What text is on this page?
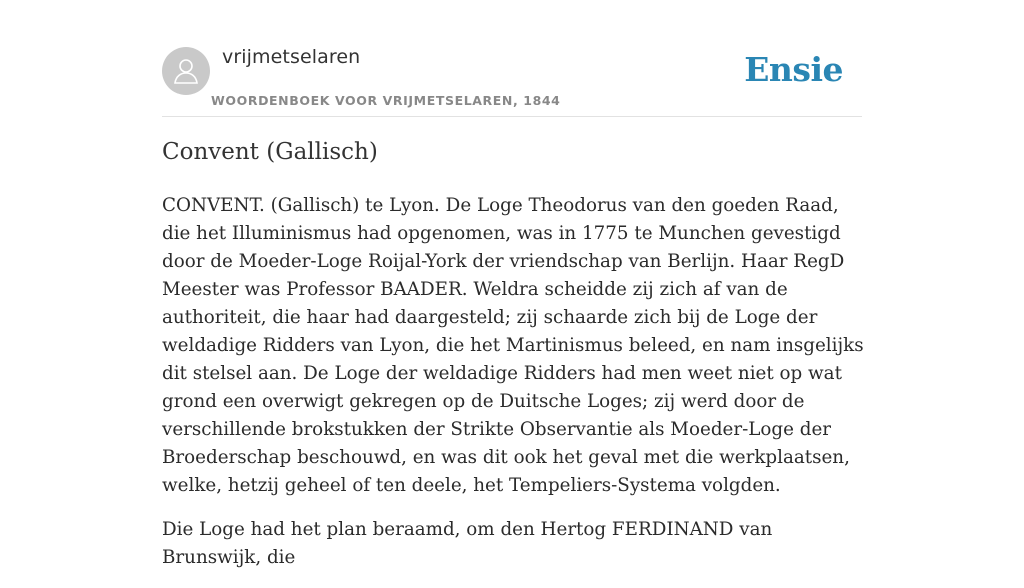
vrijmetselaren
WOORDENBOEK VOOR VRIJMETSELAREN, 1844
Ensie
Convent (Gallisch)

CONVENT. (Gallisch) te Lyon. De Loge Theodorus van den goeden Raad, die het Illuminismus had opgenomen, was in 1775 te Munchen gevestigd door de Moeder-Loge Roijal-York der vriendschap van Berlijn. Haar RegD Meester was Professor BAADER. Weldra scheidde zij zich af van de authoriteit, die haar had daargesteld; zij schaarde zich bij de Loge der weldadige Ridders van Lyon, die het Martinismus beleed, en nam insgelijks dit stelsel aan. De Loge der weldadige Ridders had men weet niet op wat grond een overwigt gekregen op de Duitsche Loges; zij werd door de verschillende brokstukken der Strikte Observantie als Moeder-Loge der Broederschap beschouwd, en was dit ook het geval met die werkplaatsen, welke, hetzij geheel of ten deele, het Tempeliers-Systema volgden.

Die Loge had het plan beraamd, om den Hertog FERDINAND van Brunswijk, die
